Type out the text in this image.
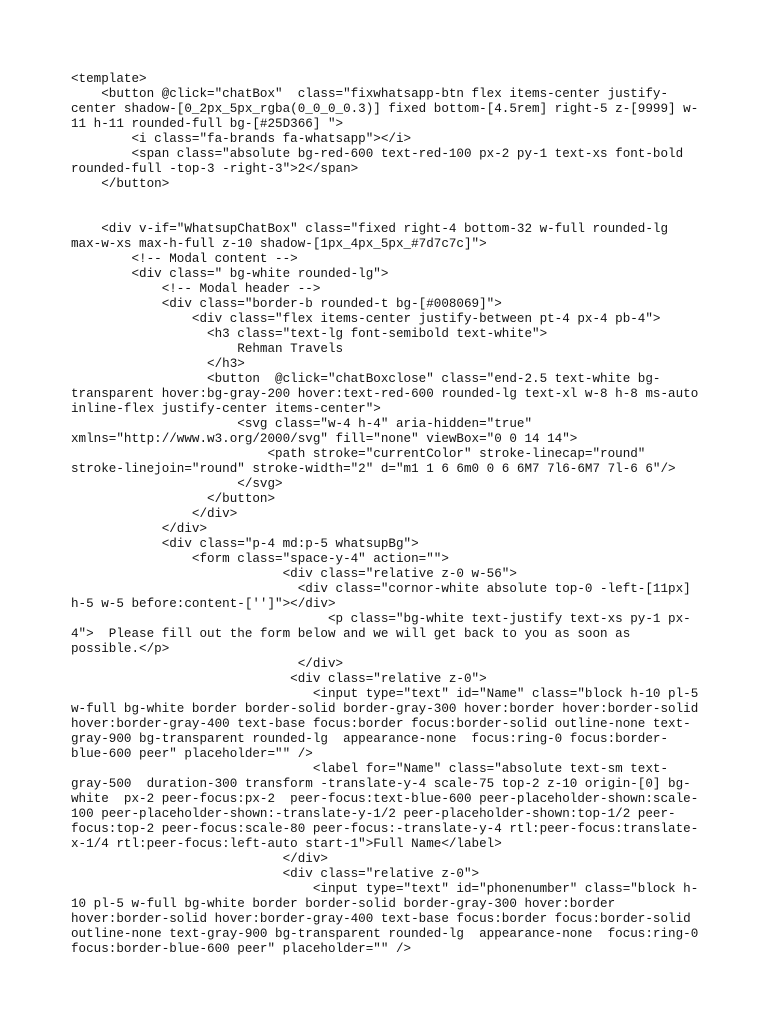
<template>
<button @click="chatBox"  class="fixwhatsapp-btn flex items-center justify-
center shadow-[0_2px_5px_rgba(0_0_0_0.3)] fixed bottom-[4.5rem] right-5 z-[9999] w-
11 h-11 rounded-full bg-[#25D366] ">
<i class="fa-brands fa-whatsapp"></i>
<span class="absolute bg-red-600 text-red-100 px-2 py-1 text-xs font-bold
rounded-full -top-3 -right-3">2</span>
</button>
<div v-if="WhatsupChatBox" class="fixed right-4 bottom-32 w-full rounded-lg
max-w-xs max-h-full z-10 shadow-[1px_4px_5px_#7d7c7c]">
<!-- Modal content -->
<div class=" bg-white rounded-lg">
<!-- Modal header -->
<div class="border-b rounded-t bg-[#008069]">
<div class="flex items-center justify-between pt-4 px-4 pb-4">
<h3 class="text-lg font-semibold text-white">
Rehman Travels
</h3>
<button  @click="chatBoxclose" class="end-2.5 text-white bg-
transparent hover:bg-gray-200 hover:text-red-600 rounded-lg text-xl w-8 h-8 ms-auto
inline-flex justify-center items-center">
<svg class="w-4 h-4" aria-hidden="true"
xmlns="http://www.w3.org/2000/svg" fill="none" viewBox="0 0 14 14">
<path stroke="currentColor" stroke-linecap="round"
stroke-linejoin="round" stroke-width="2" d="m1 1 6 6m0 0 6 6M7 7l6-6M7 7l-6 6"/>
</svg>
</button>
</div>
</div>
<div class="p-4 md:p-5 whatsupBg">
<form class="space-y-4" action="">
<div class="relative z-0 w-56">
<div class="cornor-white absolute top-0 -left-[11px]
h-5 w-5 before:content-['']"></div>
<p class="bg-white text-justify text-xs py-1 px-
4">  Please fill out the form below and we will get back to you as soon as
possible.</p>
</div>
<div class="relative z-0">
<input type="text" id="Name" class="block h-10 pl-5
w-full bg-white border border-solid border-gray-300 hover:border hover:border-solid
hover:border-gray-400 text-base focus:border focus:border-solid outline-none text-
gray-900 bg-transparent rounded-lg  appearance-none  focus:ring-0 focus:border-
blue-600 peer" placeholder="" />
<label for="Name" class="absolute text-sm text-
gray-500  duration-300 transform -translate-y-4 scale-75 top-2 z-10 origin-[0] bg-
white  px-2 peer-focus:px-2  peer-focus:text-blue-600 peer-placeholder-shown:scale-
100 peer-placeholder-shown:-translate-y-1/2 peer-placeholder-shown:top-1/2 peer-
focus:top-2 peer-focus:scale-80 peer-focus:-translate-y-4 rtl:peer-focus:translate-
x-1/4 rtl:peer-focus:left-auto start-1">Full Name</label>
</div>
<div class="relative z-0">
<input type="text" id="phonenumber" class="block h-
10 pl-5 w-full bg-white border border-solid border-gray-300 hover:border
hover:border-solid hover:border-gray-400 text-base focus:border focus:border-solid
outline-none text-gray-900 bg-transparent rounded-lg  appearance-none  focus:ring-0
focus:border-blue-600 peer" placeholder="" />
